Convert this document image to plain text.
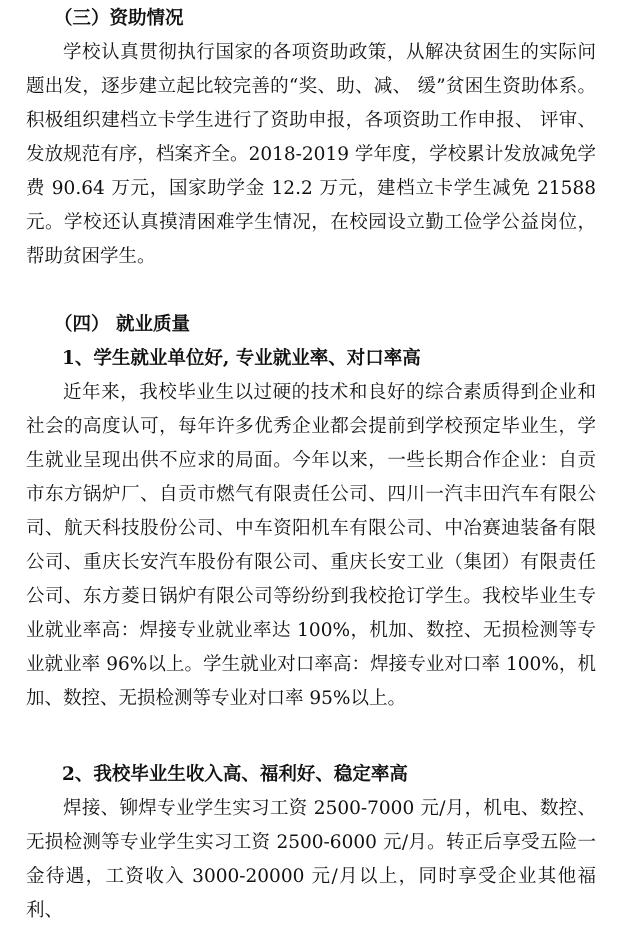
（三）资助情况
学校认真贯彻执行国家的各项资助政策，从解决贫困生的实际问题出发，逐步建立起比较完善的“奖、助、减、 缓”贫困生资助体系。积极组织建档立卡学生进行了资助申报，各项资助工作申报、 评审、发放规范有序，档案齐全。2018-2019 学年度，学校累计发放减免学费 90.64 万元，国家助学金 12.2 万元，建档立卡学生减免 21588 元。学校还认真摸清困难学生情况，在校园设立勤工俭学公益岗位，帮助贫困学生。
（四） 就业质量
1、学生就业单位好, 专业就业率、对口率高
近年来，我校毕业生以过硬的技术和良好的综合素质得到企业和社会的高度认可，每年许多优秀企业都会提前到学校预定毕业生，学生就业呈现出供不应求的局面。今年以来，一些长期合作企业：自贡市东方锅炉厂、自贡市燃气有限责任公司、四川一汽丰田汽车有限公司、航天科技股份公司、中车资阳机车有限公司、中冶赛迪装备有限公司、重庆长安汽车股份有限公司、重庆长安工业（集团）有限责任公司、东方菱日锅炉有限公司等纷纷到我校抢订学生。我校毕业生专业就业率高：焊接专业就业率达 100%，机加、数控、无损检测等专业就业率 96%以上。学生就业对口率高：焊接专业对口率 100%，机加、数控、无损检测等专业对口率 95%以上。
2、我校毕业生收入高、福利好、稳定率高
焊接、铆焊专业学生实习工资 2500-7000 元/月，机电、数控、无损检测等专业学生实习工资 2500-6000 元/月。转正后享受五险一金待遇，工资收入 3000-20000 元/月以上，同时享受企业其他福利、
